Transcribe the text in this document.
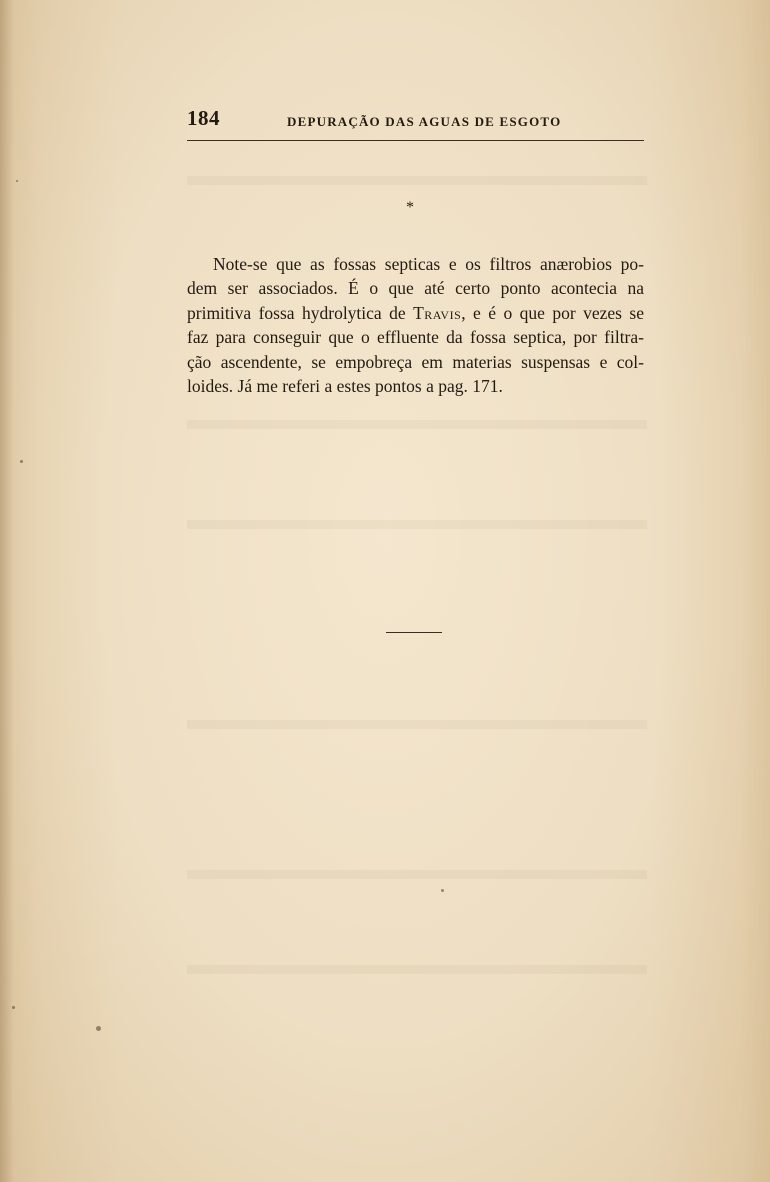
184	DEPURAÇÃO DAS AGUAS DE ESGOTO
*
Note-se que as fossas septicas e os filtros anærobios po-
dem ser associados. É o que até certo ponto acontecia na
primitiva fossa hydrolytica de Travis, e é o que por vezes se
faz para conseguir que o effluente da fossa septica, por filtra-
ção ascendente, se empobreça em materias suspensas e col-
loides. Já me referi a estes pontos a pag. 171.
